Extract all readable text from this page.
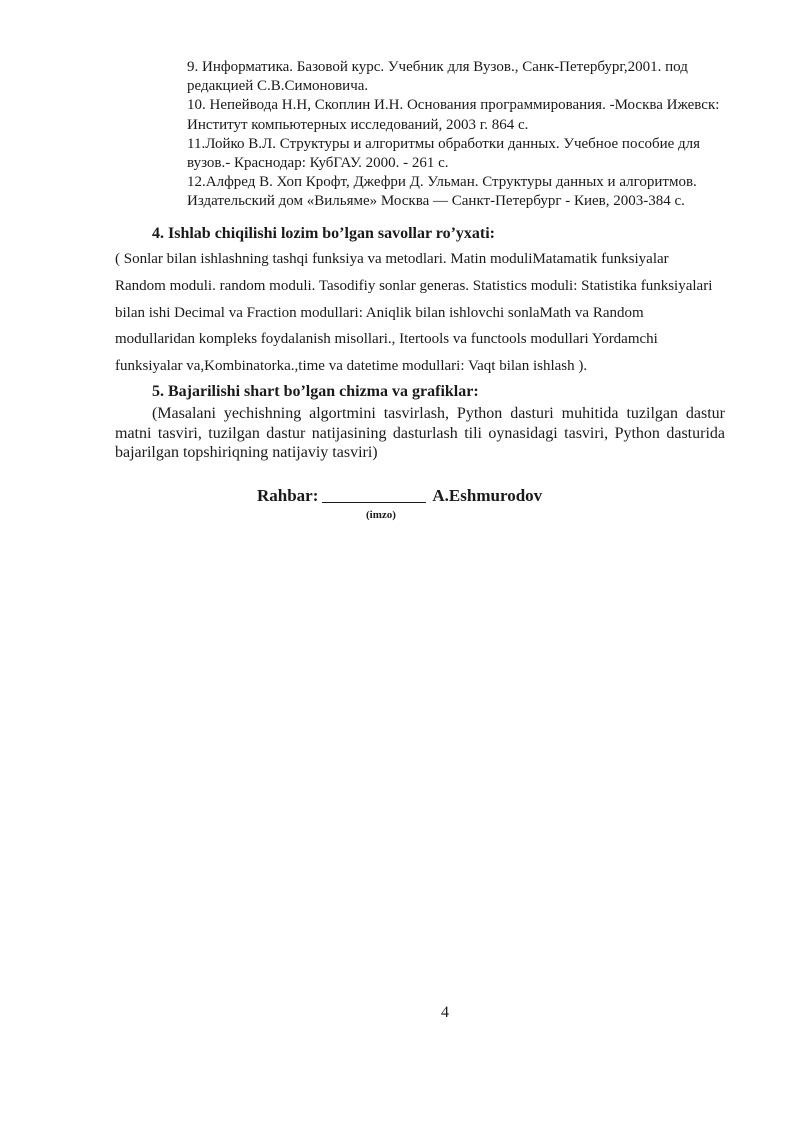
9. Информатика. Базовой курс. Учебник для Вузов., Санк-Петербург,2001. под редакцией С.В.Симоновича.

10. Непейвода Н.Н, Скоплин И.Н. Основания программирования. -Москва Ижевск: Институт компьютерных исследований, 2003 г. 864 с.

11.Лойко В.Л. Структуры и алгоритмы обработки данных. Учебное пособие для вузов.- Краснодар: КубГАУ. 2000. - 261 с.

12.Алфред В. Хоп Крофт, Джефри Д. Ульман. Структуры данных и алгоритмов. Издательский дом «Вильяме» Москва — Санкт-Петербург - Киев, 2003-384 с.

4. Ishlab chiqilishi lozim bo’lgan savollar ro’yxati:

( Sonlar bilan ishlashning tashqi funksiya va metodlari. Matin moduliMatamatik funksiyalar Random moduli. random moduli. Tasodifiy sonlar generas. Statistics moduli: Statistika funksiyalari bilan ishi Decimal va Fraction modullari: Aniqlik bilan ishlovchi sonlaMath va Random modullaridan kompleks foydalanish misollari., Itertools va functools modullari Yordamchi funksiyalar va,Kombinatorka.,time va datetime modullari: Vaqt bilan ishlash ).

5. Bajarilishi shart bo’lgan chizma va grafiklar:

(Masalani yechishning algortmini tasvirlash, Python dasturi muhitida tuzilgan dastur matni tasviri, tuzilgan dastur natijasining dasturlash tili oynasidagi tasviri, Python dasturida bajarilgan topshiriqning natijaviy tasviri)

Rahbar:	A.Eshmurodov
(imzo)
4
